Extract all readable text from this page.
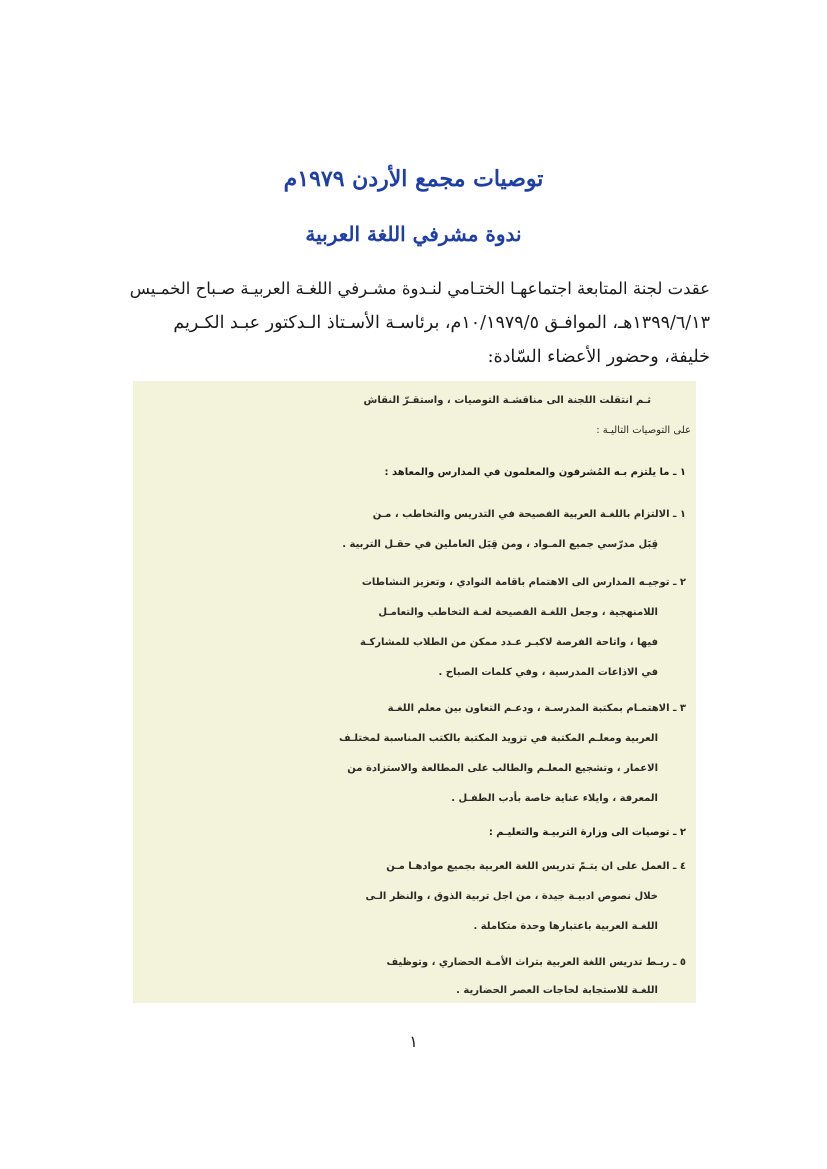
توصيات مجمع الأردن ١٩٧٩م
ندوة مشرفي اللغة العربية
عقدت لجنة المتابعة اجتماعهـا الختـامي لنـدوة مشـرفي اللغـة العربيـة صـباح الخمـيس
١٣٩٩/٦/١٣هـ، الموافـق ١٠/١٩٧٩/٥م، برئاسـة الأسـتاذ الـدكتور عبـد الكـريم
خليفة، وحضور الأعضاء السّادة:
ثـم انتقلت اللجنة الى مناقشـة التوصيات ، واستقـرّ النقاش
على التوصيات التاليـة :
١ ـ ما يلتزم بـه المُشرفون والمعلمون في المدارس والمعاهد :
١ ـ الالتزام باللغـة العربية الفصيحة في التدريس والتخاطب ، مـن
قِبَل مدرّسي جميع المـواد ، ومن قِبَل العاملين في حقـل التربية .
٢ ـ توجيـه المدارس الى الاهتمام باقامة النوادي ، وتعزيز النشاطات
اللامنهجية ، وجعل اللغـة الفصيحة لغـة التخاطب والتعامـل
فيها ، واتاحة الفرصة لاكبـر عـدد ممكن من الطلاب للمشاركـة
في الاذاعات المدرسية ، وفي كلمات الصباح .
٣ ـ الاهتمـام بمكتبة المدرسـة ، ودعـم التعاون بين معلم اللغـة
العربية ومعلـم المكتبة في تزويد المكتبة بالكتب المناسبة لمختلـف
الاعمار ، وتشجيع المعلـم والطالب على المطالعة والاستزادة من
المعرفة ، وايلاء عناية خاصة بأدب الطفـل .
٢ ـ توصيات الى وزارة التربيـة والتعليـم :
٤ ـ العمل على ان يتـمّ تدريس اللغة العربية بجميع موادهـا مـن
خلال نصوص ادبيـة جيدة ، من اجل تربية الذوق ، والنظر الـى
اللغـة العربية باعتبارها وحدة متكاملة .
٥ ـ ربـط تدريس اللغة العربية بتراث الأمـة الحضاري ، وتوظيف
اللغـة للاستجابة لحاجات العصر الحضارية .
١
